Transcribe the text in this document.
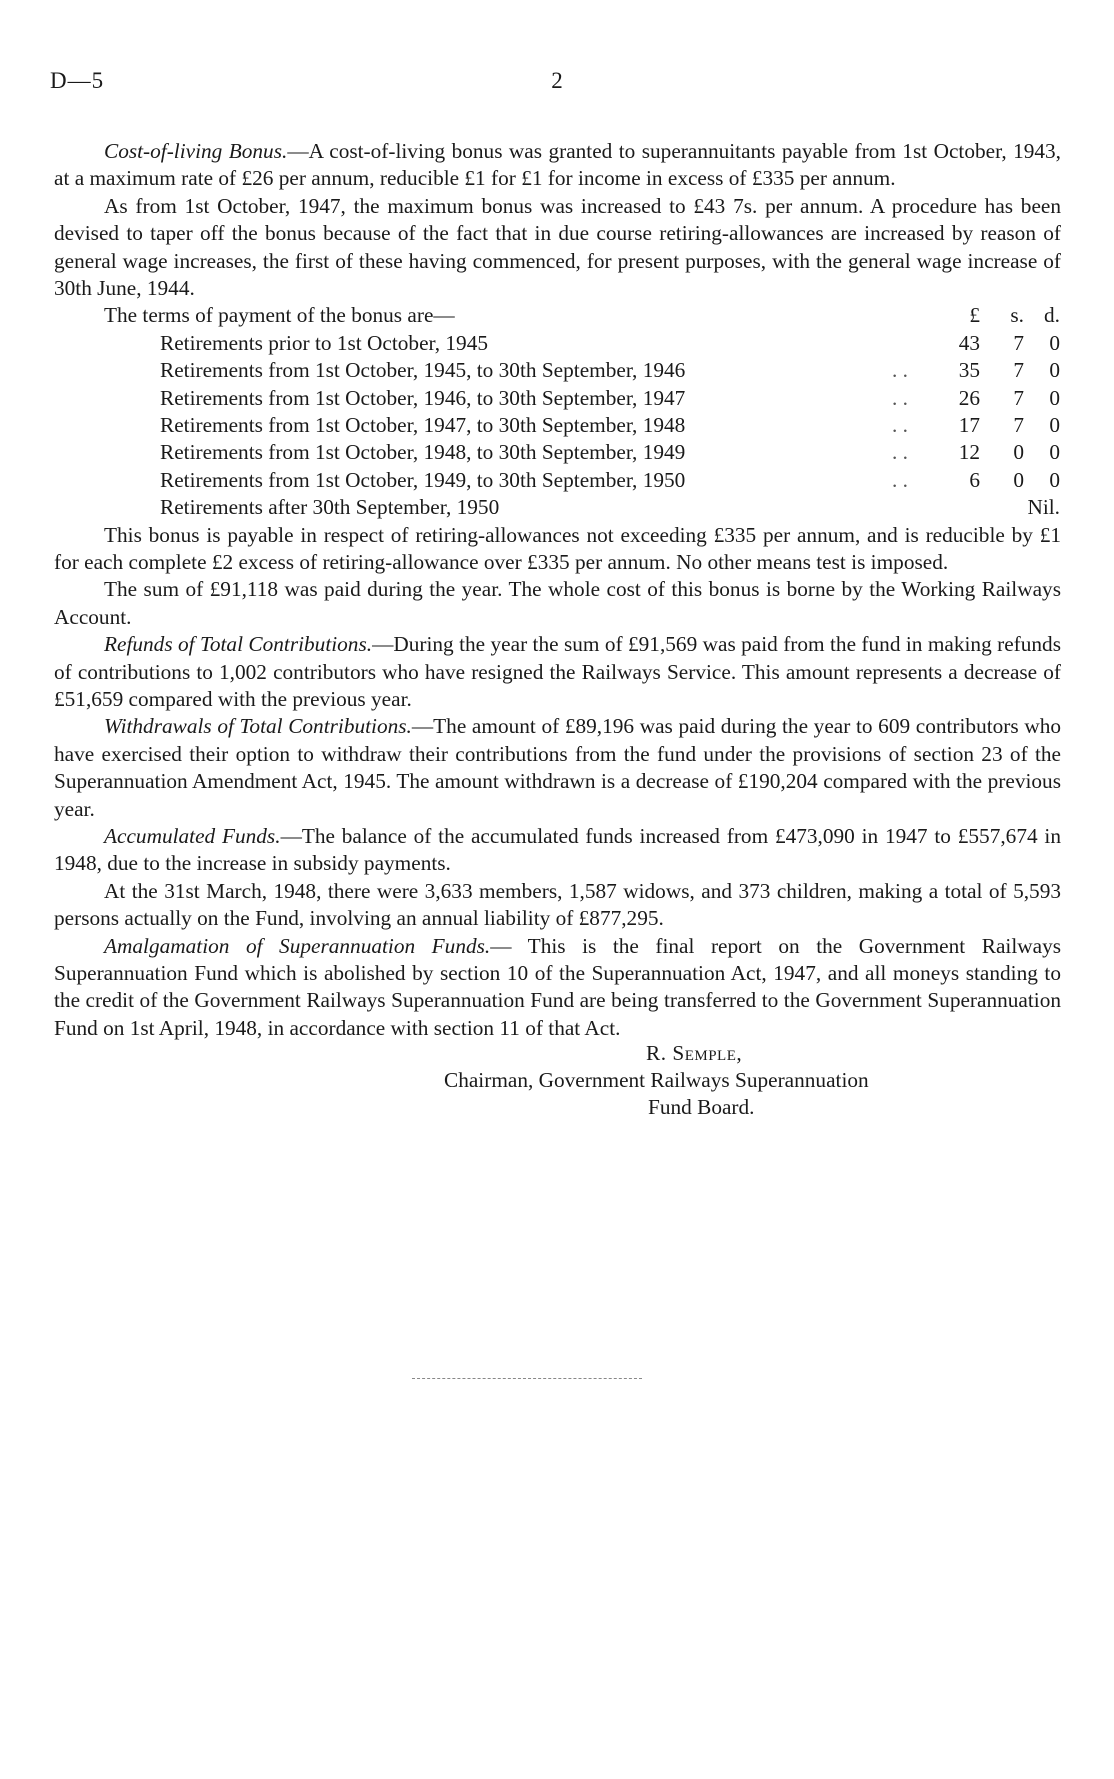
D—5	2

Cost-of-living Bonus.—A cost-of-living bonus was granted to superannuitants payable from 1st October, 1943, at a maximum rate of £26 per annum, reducible £1 for £1 for income in excess of £335 per annum.

As from 1st October, 1947, the maximum bonus was increased to £43 7s. per annum. A procedure has been devised to taper off the bonus because of the fact that in due course retiring-allowances are increased by reason of general wage increases, the first of these having commenced, for present purposes, with the general wage increase of 30th June, 1944.

The terms of payment of the bonus are—	£	s. d.
Retirements prior to 1st October, 1945	43	7	0
Retirements from 1st October, 1945, to 30th September, 1946	. .	35	7	0
Retirements from 1st October, 1946, to 30th September, 1947	. .	26	7	0
Retirements from 1st October, 1947, to 30th September, 1948	. .	17	7	0
Retirements from 1st October, 1948, to 30th September, 1949	. .	12	0	0
Retirements from 1st October, 1949, to 30th September, 1950	. .	6	0	0
Retirements after 30th September, 1950	Nil.

This bonus is payable in respect of retiring-allowances not exceeding £335 per annum, and is reducible by £1 for each complete £2 excess of retiring-allowance over £335 per annum. No other means test is imposed.

The sum of £91,118 was paid during the year. The whole cost of this bonus is borne by the Working Railways Account.

Refunds of Total Contributions.—During the year the sum of £91,569 was paid from the fund in making refunds of contributions to 1,002 contributors who have resigned the Railways Service. This amount represents a decrease of £51,659 compared with the previous year.

Withdrawals of Total Contributions.—The amount of £89,196 was paid during the year to 609 contributors who have exercised their option to withdraw their contributions from the fund under the provisions of section 23 of the Superannuation Amendment Act, 1945. The amount withdrawn is a decrease of £190,204 compared with the previous year.

Accumulated Funds.—The balance of the accumulated funds increased from £473,090 in 1947 to £557,674 in 1948, due to the increase in subsidy payments.

At the 31st March, 1948, there were 3,633 members, 1,587 widows, and 373 children, making a total of 5,593 persons actually on the Fund, involving an annual liability of £877,295.

Amalgamation of Superannuation Funds.— This is the final report on the Government Railways Superannuation Fund which is abolished by section 10 of the Superannuation Act, 1947, and all moneys standing to the credit of the Government Railways Superannuation Fund are being transferred to the Government Superannuation Fund on 1st April, 1948, in accordance with section 11 of that Act.

R. Semple,
Chairman, Government Railways Superannuation
Fund Board.
